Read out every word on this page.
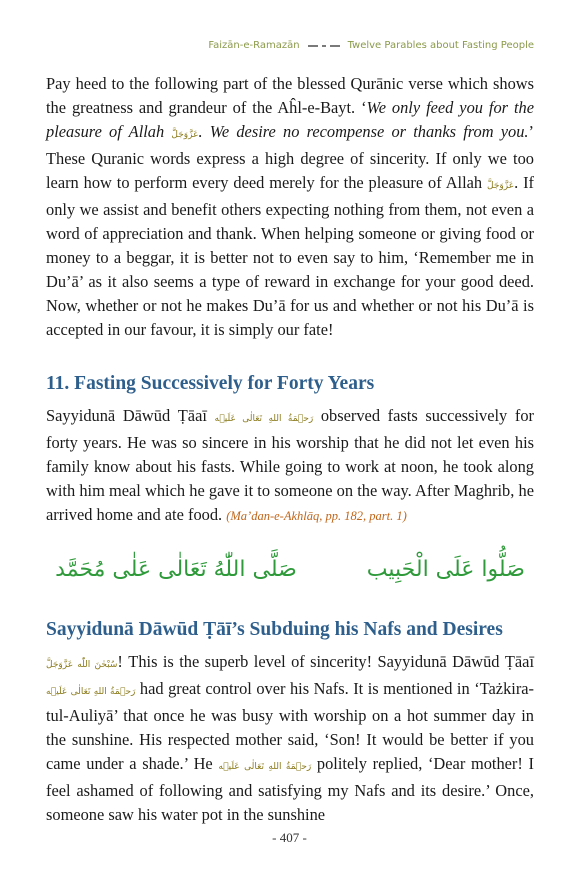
Faizān-e-Ramazān	Twelve Parables about Fasting People

Pay heed to the following part of the blessed Qurānic verse which shows the greatness and grandeur of the Aĥl-e-Bayt. ‘We only feed you for the pleasure of Allah عَزَّوَجَلَّ. We desire no recompense or thanks from you.’ These Quranic words express a high degree of sincerity. If only we too learn how to perform every deed merely for the pleasure of Allah عَزَّوَجَلَّ. If only we assist and benefit others expecting nothing from them, not even a word of appreciation and thank. When helping someone or giving food or money to a beggar, it is better not to even say to him, ‘Remember me in Du’ā’ as it also seems a type of reward in exchange for your good deed. Now, whether or not he makes Du’ā for us and whether or not his Du’ā is accepted in our favour, it is simply our fate!

11. Fasting Successively for Forty Years

Sayyidunā Dāwūd Ṭāaī رَحۡمَةُ اللهِ تَعَالٰی عَلَيۡه observed fasts successively for forty years. He was so sincere in his worship that he did not let even his family know about his fasts. While going to work at noon, he took along with him meal which he gave it to someone on the way. After Maghrib, he arrived home and ate food. (Ma’dan-e-Akhlāq, pp. 182, part. 1)

صَلُّوا عَلَى الْحَبِيب
صَلَّى اللّٰهُ تَعَالٰى عَلٰى مُحَمَّد
Sayyidunā Dāwūd Ṭāī’s Subduing his Nafs and Desires

سُبْحٰنَ اللّٰه عَزَّوَجَلَّ! This is the superb level of sincerity! Sayyidunā Dāwūd Ṭāaī رَحۡمَةُ اللهِ تَعَالٰی عَلَيۡه had great control over his Nafs. It is mentioned in ‘Tażkira-tul-Auliyā’ that once he was busy with worship on a hot summer day in the sunshine. His respected mother said, ‘Son! It would be better if you came under a shade.’ He رَحۡمَةُ اللهِ تَعَالٰی عَلَيۡه politely replied, ‘Dear mother! I feel ashamed of following and satisfying my Nafs and its desire.’ Once, someone saw his water pot in the sunshine

- 407 -
